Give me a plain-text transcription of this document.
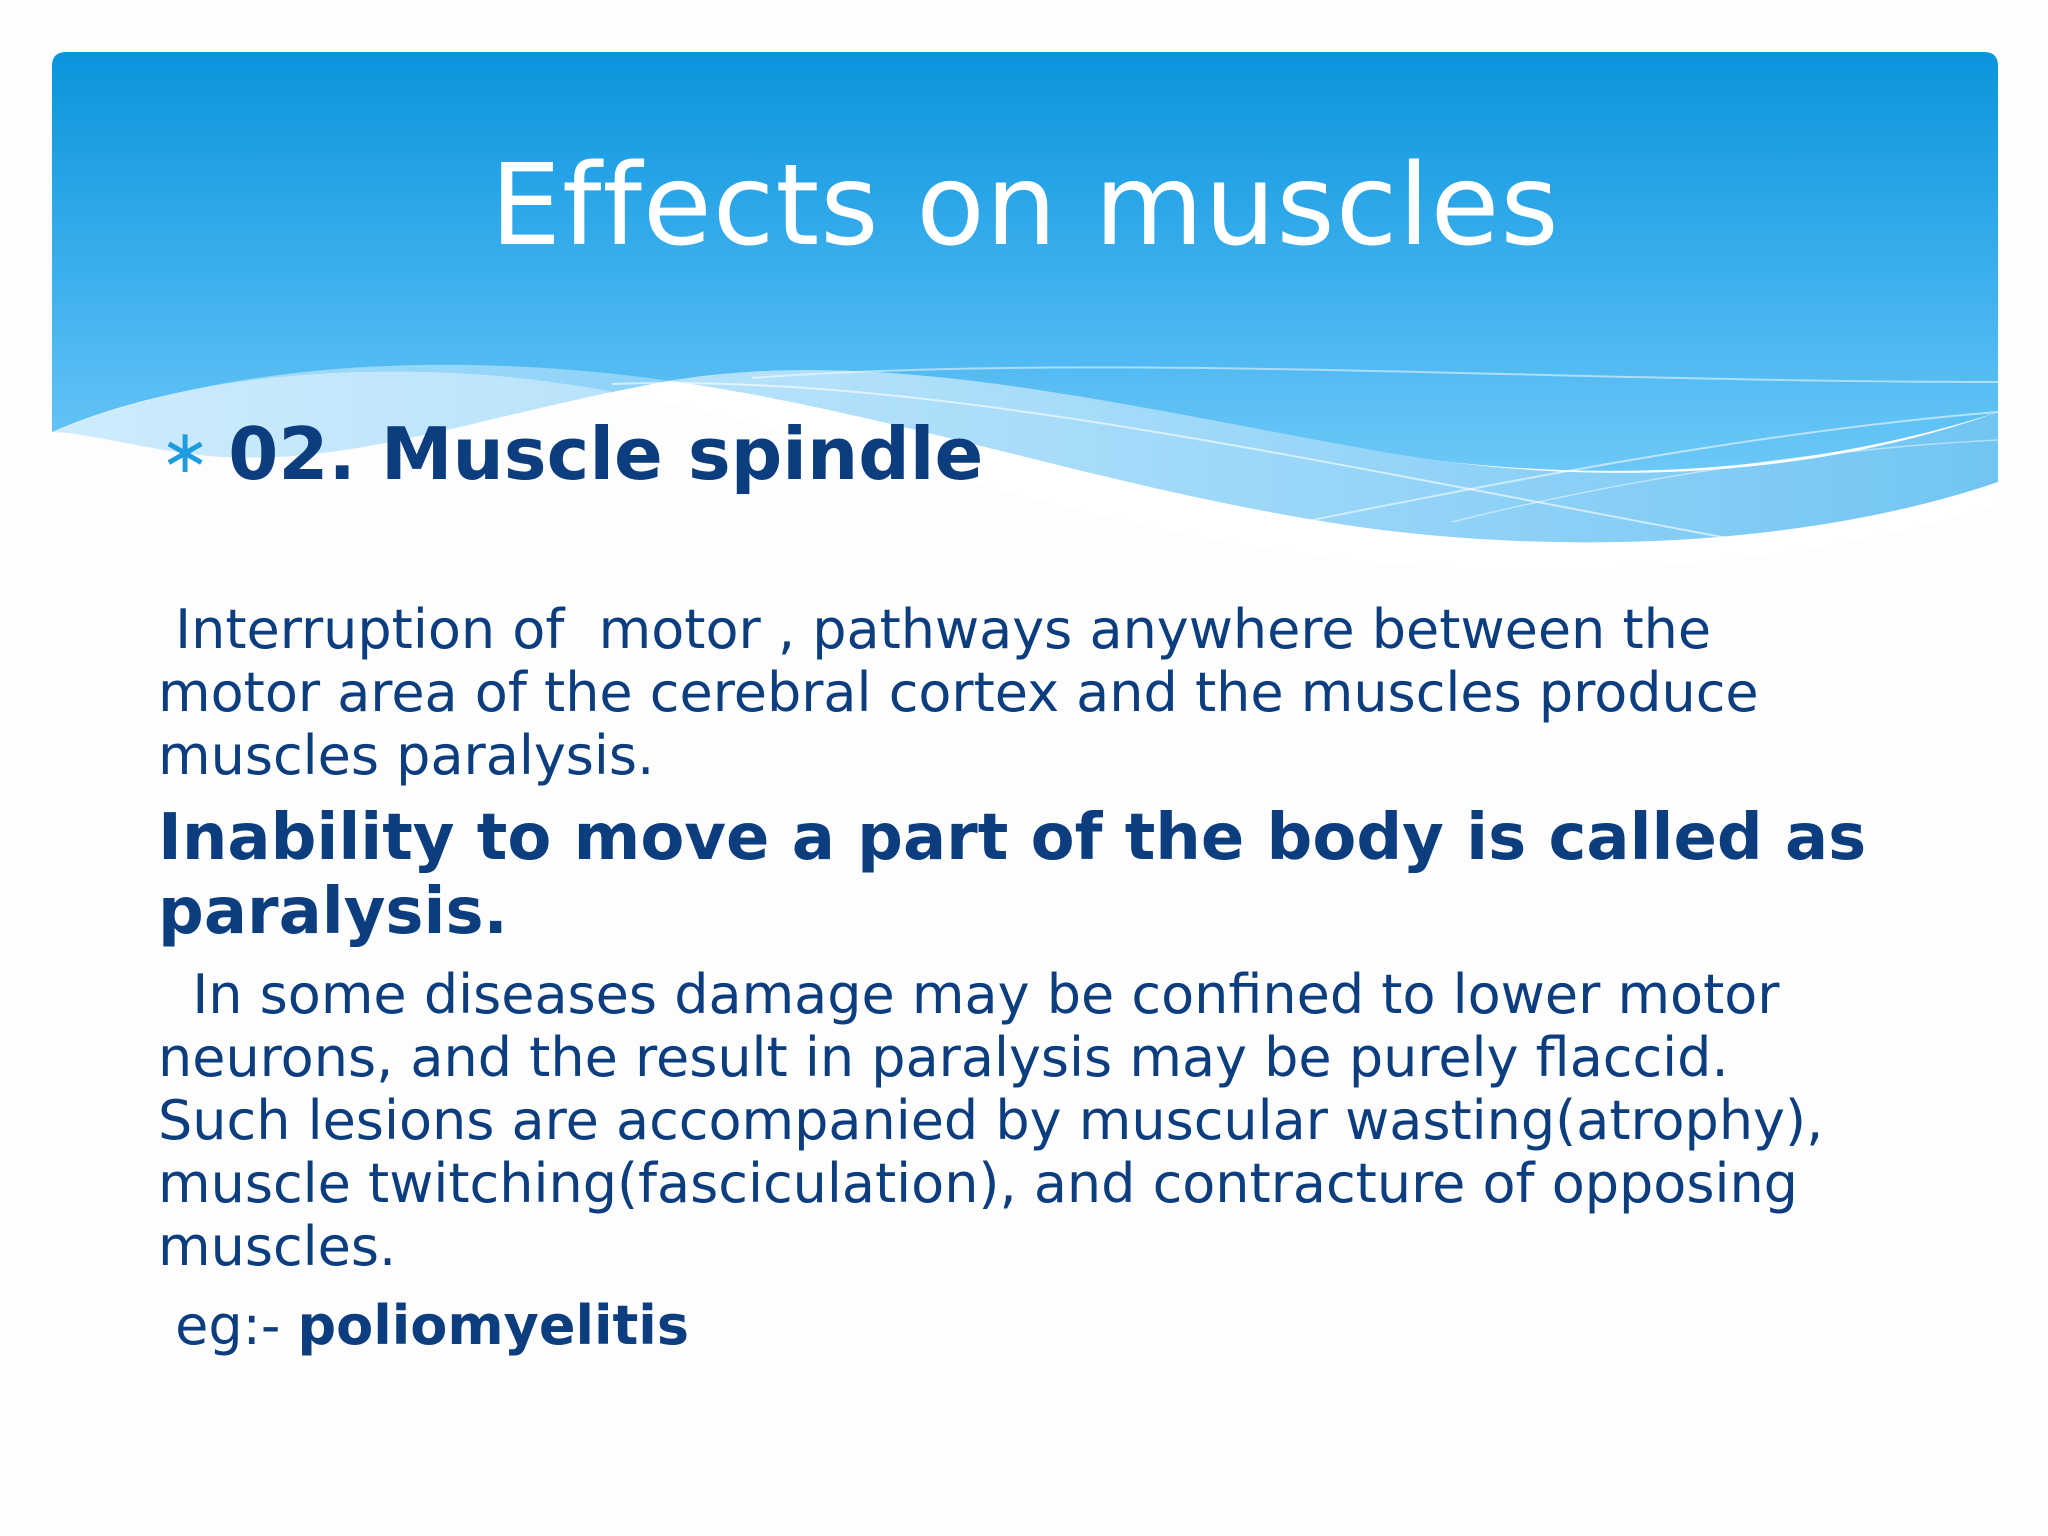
Effects on muscles
∗ 02. Muscle spindle

Interruption of  motor , pathways anywhere between the motor area of the cerebral cortex and the muscles produce muscles paralysis.

Inability to move a part of the body is called as paralysis.

In some diseases damage may be confined to lower motor neurons, and the result in paralysis may be purely flaccid. Such lesions are accompanied by muscular wasting(atrophy), muscle twitching(fasciculation), and contracture of opposing muscles.

eg:- poliomyelitis
